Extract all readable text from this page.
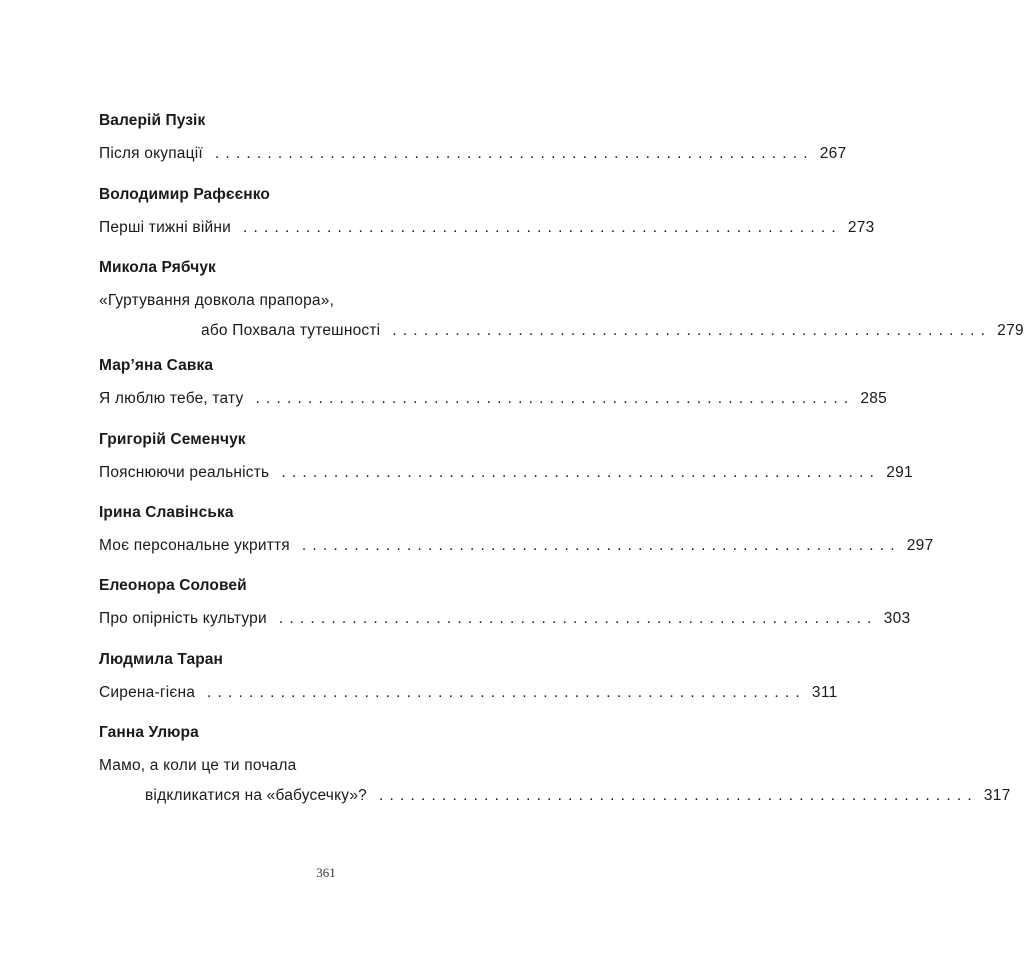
Валерій Пузік
Після окупації ......................................................... 267
Володимир Рафєєнко
Перші тижні війни ......................................................... 273
Микола Рябчук
«Гуртування довкола прапора»,
або Похвала тутешності ......................................................... 279
Мар’яна Савка
Я люблю тебе, тату ......................................................... 285
Григорій Семенчук
Пояснюючи реальність ......................................................... 291
Ірина Славінська
Моє персональне укриття ......................................................... 297
Елеонора Соловей
Про опірність культури ......................................................... 303
Людмила Таран
Сирена-гієна ......................................................... 311
Ганна Улюра
Мамо, а коли це ти почала
відкликатися на «бабусечку»? ......................................................... 317
361
